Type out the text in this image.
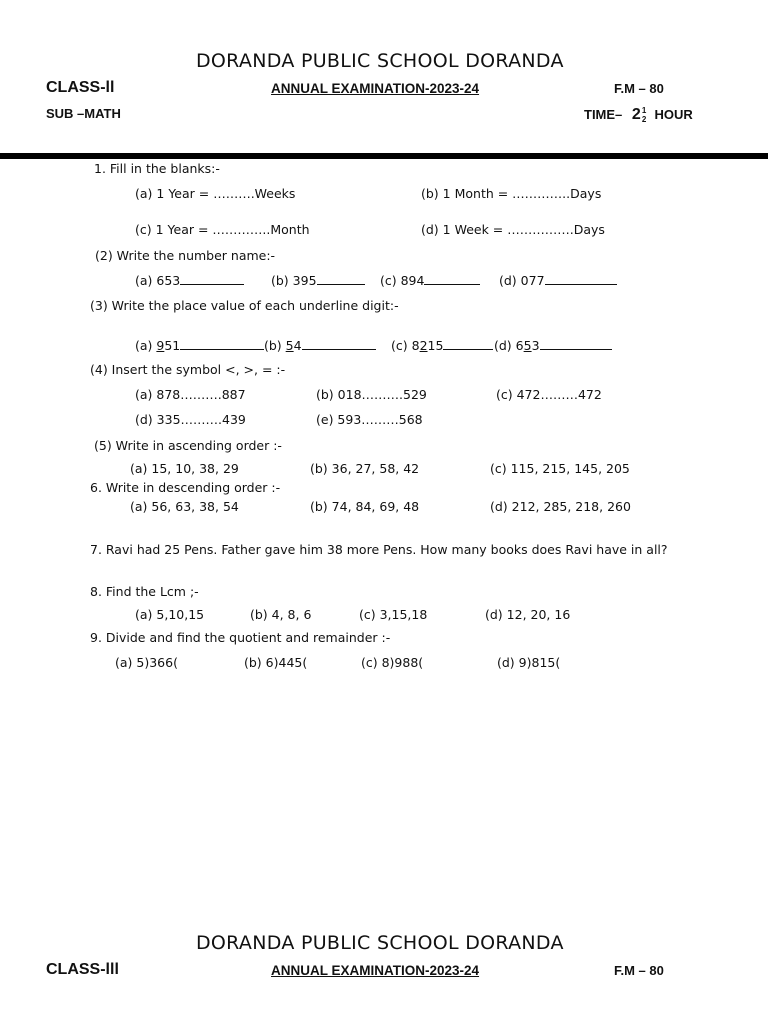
DORANDA PUBLIC SCHOOL DORANDA
CLASS-ll	ANNUAL EXAMINATION-2023-24	F.M – 80
SUB –MATH	TIME– 2 1
2 HOUR
1. Fill in the blanks:-
(a) 1 Year = ……….Weeks	(b) 1 Month = …………..Days
(c) 1 Year = …………..Month	(d) 1 Week = …………….Days
(2) Write the number name:-
(a) 653	(b) 395	(c) 894	(d) 077
(3) Write the place value of each underline digit:-
(a) 951	(b) 54	(c) 8215	(d) 653
(4) Insert the symbol <, >, = :-
(a) 878……….887	(b) 018……….529	(c) 472………472
(d) 335……….439	(e) 593………568
(5) Write in ascending order :-
(a) 15, 10, 38, 29	(b) 36, 27, 58, 42	(c) 115, 215, 145, 205
6. Write in descending order :-
(a) 56, 63, 38, 54	(b) 74, 84, 69, 48	(d) 212, 285, 218, 260
7. Ravi had 25 Pens. Father gave him 38 more Pens. How many books does Ravi have in all?
8. Find the Lcm ;-
(a) 5,10,15	(b) 4, 8, 6	(c) 3,15,18	(d) 12, 20, 16
9. Divide and find the quotient and remainder :-
(a) 5)366(	(b) 6)445(	(c) 8)988(	(d) 9)815(
DORANDA PUBLIC SCHOOL DORANDA
CLASS-lll	ANNUAL EXAMINATION-2023-24	F.M – 80
